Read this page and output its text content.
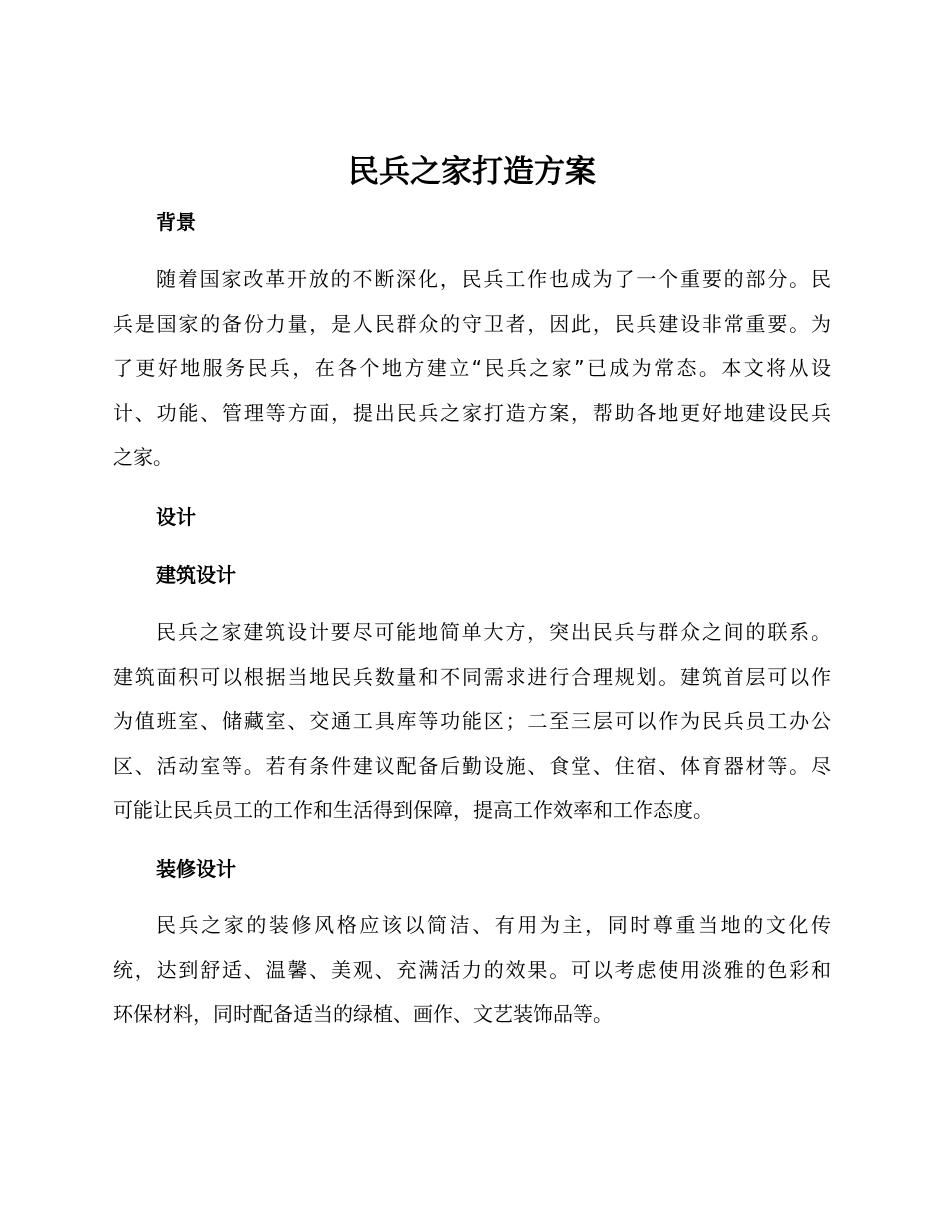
民兵之家打造方案
背景

随着国家改革开放的不断深化，民兵工作也成为了一个重要的部分。民
兵是国家的备份力量，是人民群众的守卫者，因此，民兵建设非常重要。为
了更好地服务民兵，在各个地方建立“民兵之家”已成为常态。本文将从设
计、功能、管理等方面，提出民兵之家打造方案，帮助各地更好地建设民兵
之家。

设计
建筑设计

民兵之家建筑设计要尽可能地简单大方，突出民兵与群众之间的联系。
建筑面积可以根据当地民兵数量和不同需求进行合理规划。建筑首层可以作
为值班室、储藏室、交通工具库等功能区；二至三层可以作为民兵员工办公
区、活动室等。若有条件建议配备后勤设施、食堂、住宿、体育器材等。尽
可能让民兵员工的工作和生活得到保障，提高工作效率和工作态度。

装修设计

民兵之家的装修风格应该以简洁、有用为主，同时尊重当地的文化传
统，达到舒适、温馨、美观、充满活力的效果。可以考虑使用淡雅的色彩和
环保材料，同时配备适当的绿植、画作、文艺装饰品等。
